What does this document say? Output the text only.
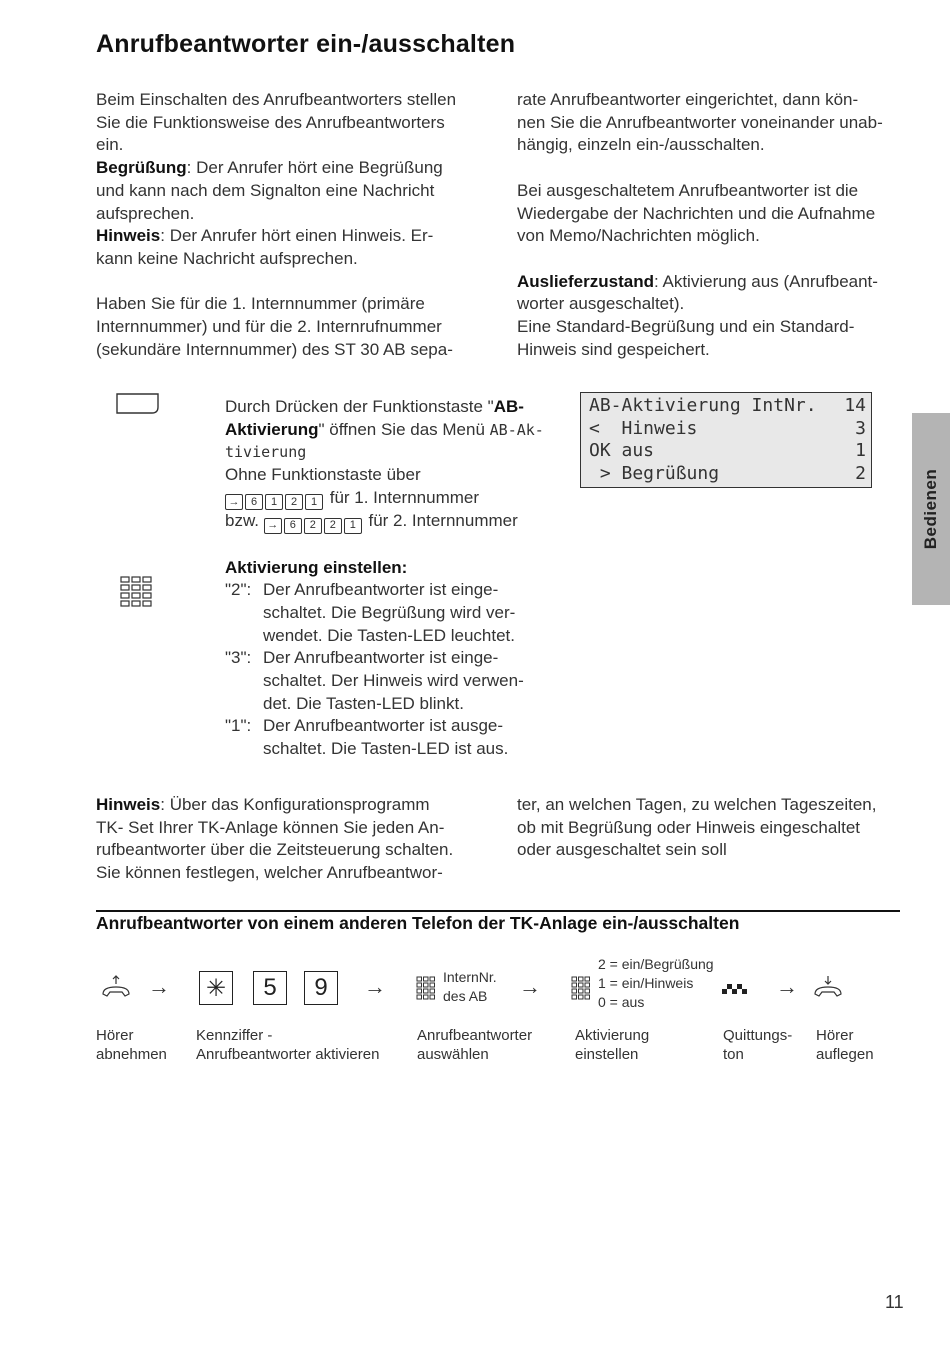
Anrufbeantworter ein-/ausschalten

Beim Einschalten des Anrufbeantworters stellen

Sie die Funktionsweise des Anrufbeantworters

ein.

Begrüßung: Der Anrufer hört eine Begrüßung

und kann nach dem Signalton eine Nachricht

aufsprechen.

Hinweis: Der Anrufer hört einen Hinweis. Er-

kann keine Nachricht aufsprechen.

Haben Sie für die 1. Internnummer (primäre

Internnummer) und für die 2. Internrufnummer

(sekundäre Internnummer) des ST 30 AB sepa-

rate Anrufbeantworter eingerichtet, dann kön-

nen Sie die Anrufbeantworter voneinander unab-

hängig, einzeln ein-/ausschalten.

Bei ausgeschaltetem Anrufbeantworter ist die

Wiedergabe der Nachrichten und die Aufnahme

von Memo/Nachrichten möglich.

Auslieferzustand: Aktivierung aus (Anrufbeant-

worter ausgeschaltet).

Eine Standard-Begrüßung und ein Standard-

Hinweis sind gespeichert.

Durch Drücken der Funktionstaste "AB-

Aktivierung" öffnen Sie das Menü AB-Ak-

tivierung

Ohne Funktionstaste über

→ 6 1 2 1 für 1. Internnummer

bzw. → 6 2 2 1 für 2. Internnummer

Aktivierung einstellen:

"2": Der Anrufbeantworter ist einge-
schaltet. Die Begrüßung wird ver-
wendet. Die Tasten-LED leuchtet.
"3": Der Anrufbeantworter ist einge-
schaltet. Der Hinweis wird verwen-
det. Die Tasten-LED blinkt.
"1": Der Anrufbeantworter ist ausge-
schaltet. Die Tasten-LED ist aus.
AB-Aktivierung IntNr. 14
<  Hinweis	3
OK aus	1
> Begrüßung	2	Bedienen

Hinweis: Über das Konfigurationsprogramm

TK- Set Ihrer TK-Anlage können Sie jeden An-

rufbeantworter über die Zeitsteuerung schalten.

Sie können festlegen, welcher Anrufbeantwor-

ter, an welchen Tagen, zu welchen Tageszeiten,

ob mit Begrüßung oder Hinweis eingeschaltet

oder ausgeschaltet sein soll

Anrufbeantworter von einem anderen Telefon der TK-Anlage ein-/ausschalten
→ ✳	5	9	→	InternNr.
des AB	→
2 = ein/Begrüßung
1 = ein/Hinweis
0 = aus
→
Hörer
abnehmen
Kennziffer -
Anrufbeantworter aktivieren
Anrufbeantworter
auswählen
Aktivierung
einstellen
Quittungs-
ton
Hörer
auflegen
11
